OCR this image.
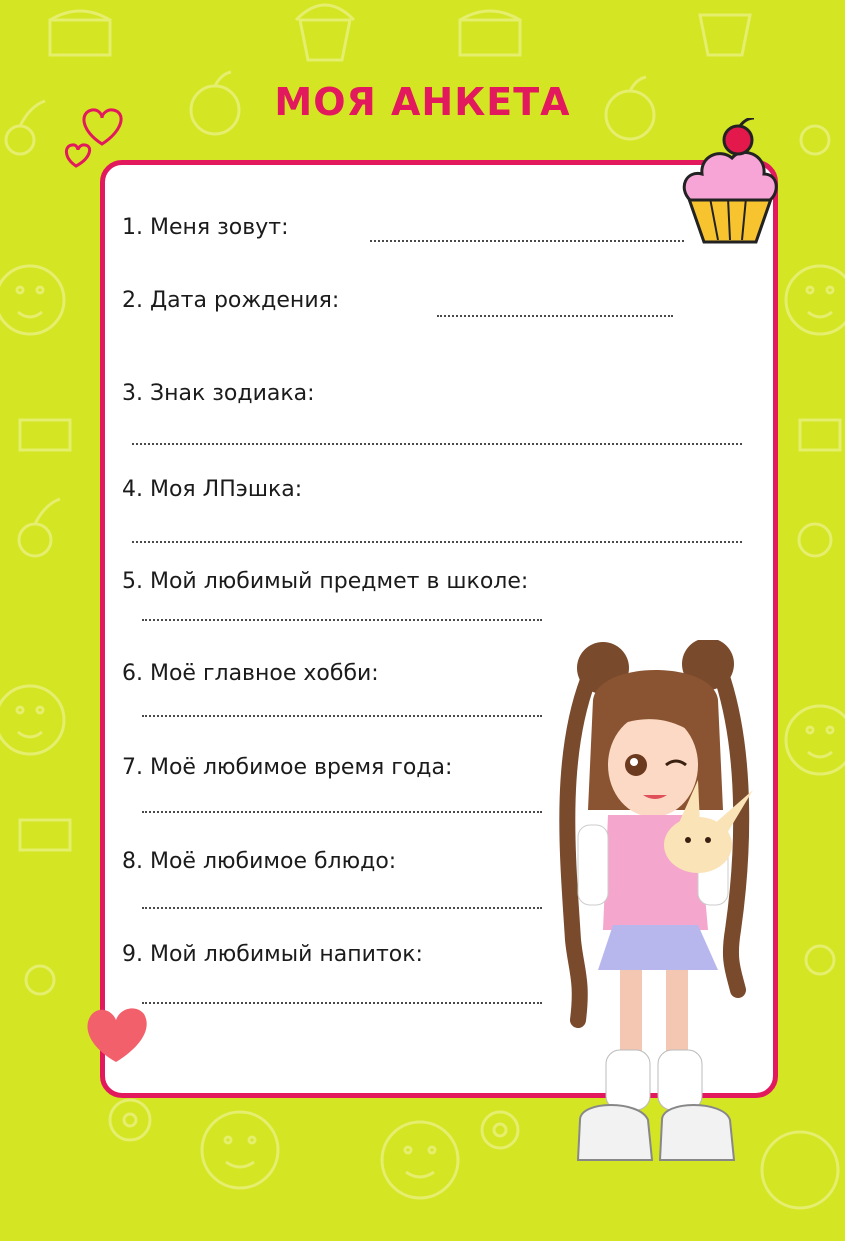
МОЯ АНКЕТА
1. Меня зовут:
2. Дата рождения:
3. Знак зодиака:
4. Моя ЛПэшка:
5. Мой любимый предмет в школе:
6. Моё главное хобби:
7. Моё любимое время года:
8. Моё любимое блюдо:
9. Мой любимый напиток:
